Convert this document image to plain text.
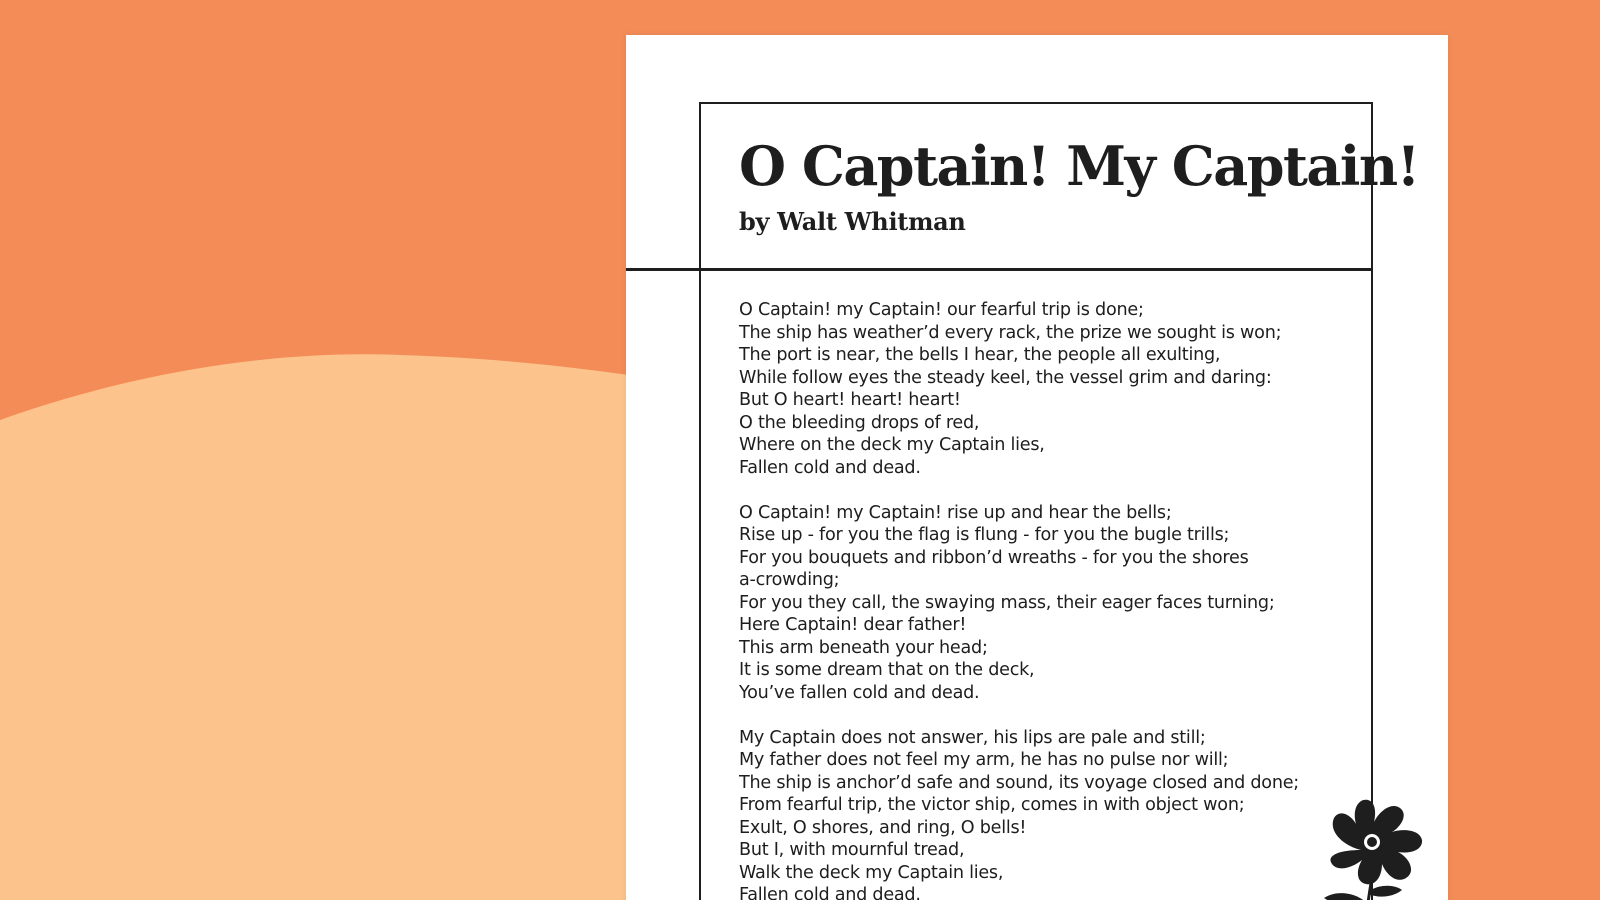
O Captain! My Captain!
by Walt Whitman

O Captain! my Captain! our fearful trip is done;
The ship has weather’d every rack, the prize we sought is won;
The port is near, the bells I hear, the people all exulting,
While follow eyes the steady keel, the vessel grim and daring:
But O heart! heart! heart!
O the bleeding drops of red,
Where on the deck my Captain lies,
Fallen cold and dead.

O Captain! my Captain! rise up and hear the bells;
Rise up - for you the flag is flung - for you the bugle trills;
For you bouquets and ribbon’d wreaths - for you the shores
a-crowding;
For you they call, the swaying mass, their eager faces turning;
Here Captain! dear father!
This arm beneath your head;
It is some dream that on the deck,
You’ve fallen cold and dead.

My Captain does not answer, his lips are pale and still;
My father does not feel my arm, he has no pulse nor will;
The ship is anchor’d safe and sound, its voyage closed and done;
From fearful trip, the victor ship, comes in with object won;
Exult, O shores, and ring, O bells!
But I, with mournful tread,
Walk the deck my Captain lies,
Fallen cold and dead.
